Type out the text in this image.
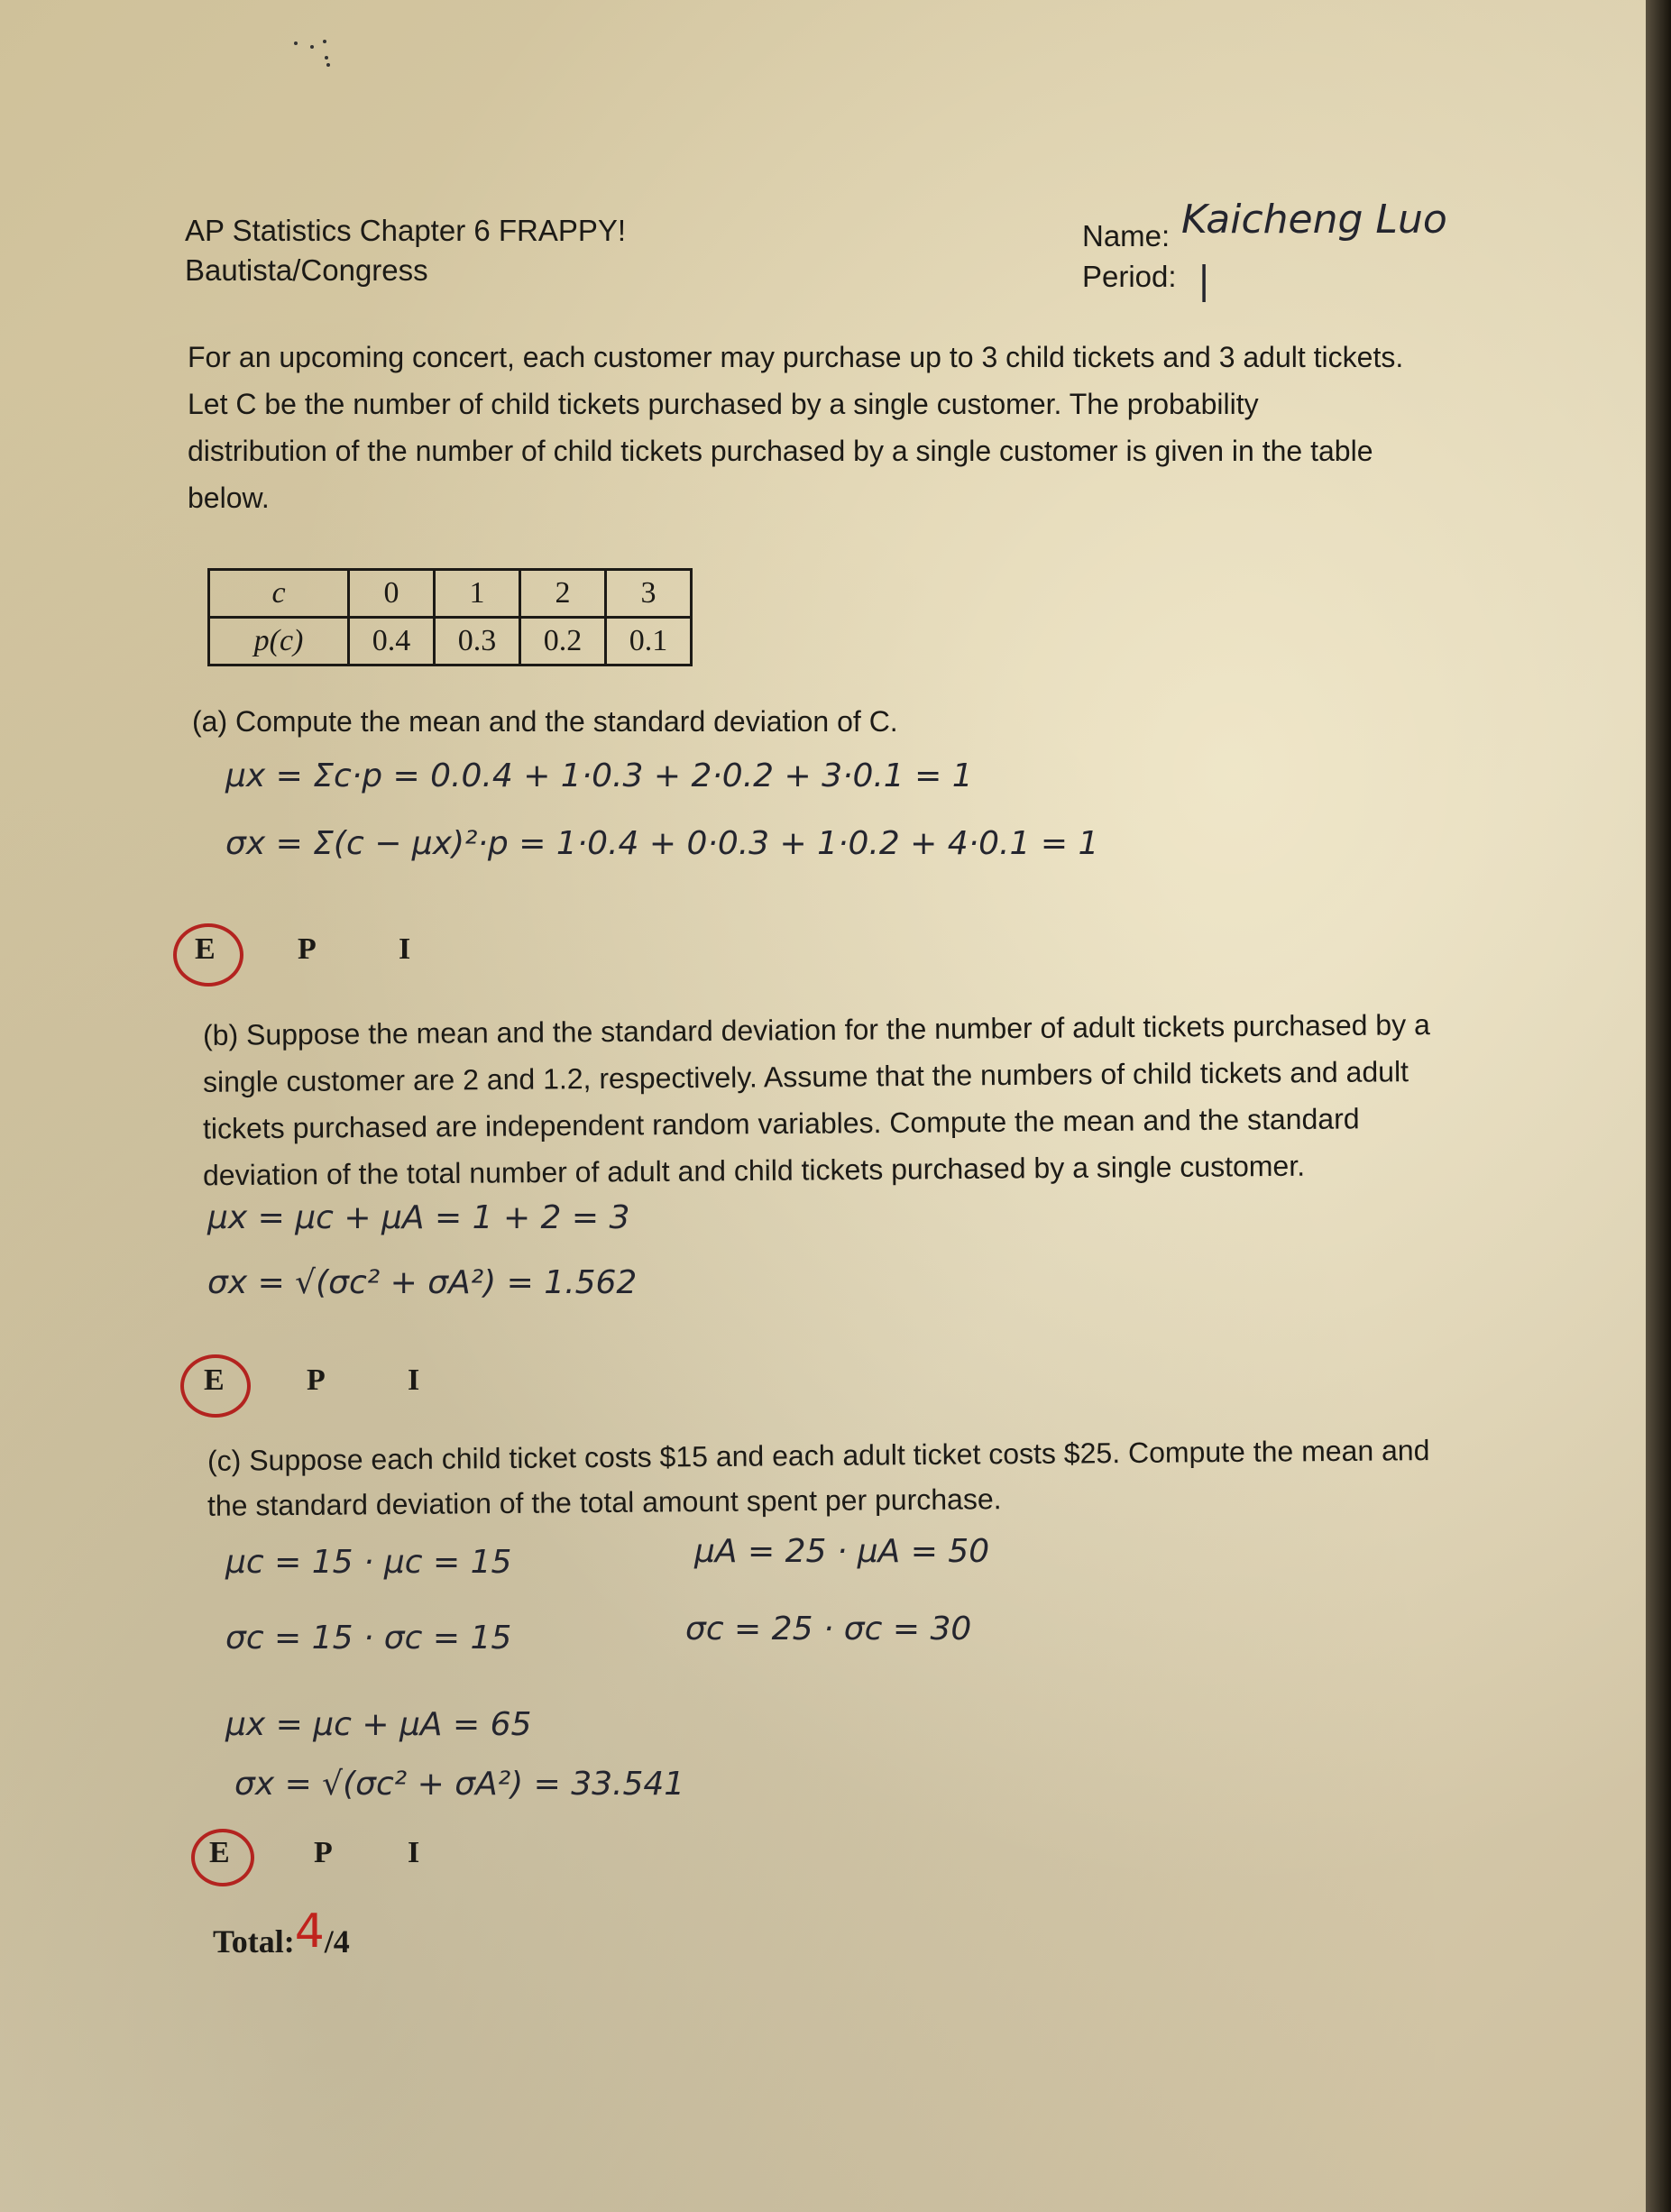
AP Statistics Chapter 6 FRAPPY!
Bautista/Congress
Name: Kaicheng Luo
Period: |
For an upcoming concert, each customer may purchase up to 3 child tickets and 3 adult tickets.
Let C be the number of child tickets purchased by a single customer. The probability
distribution of the number of child tickets purchased by a single customer is given in the table
below.
c	0	1	2	3
p(c)	0.4	0.3	0.2	0.1
(a) Compute the mean and the standard deviation of C.
μx = Σc·p = 0.0.4 + 1·0.3 + 2·0.2 + 3·0.1 = 1
σx = Σ(c − μx)²·p = 1·0.4 + 0·0.3 + 1·0.2 + 4·0.1 = 1
E	P	I
(b) Suppose the mean and the standard deviation for the number of adult tickets purchased by a
single customer are 2 and 1.2, respectively. Assume that the numbers of child tickets and adult
tickets purchased are independent random variables. Compute the mean and the standard
deviation of the total number of adult and child tickets purchased by a single customer.
μx = μc + μA = 1 + 2 = 3
σx = √(σc² + σA²) = 1.562
E	P	I
(c) Suppose each child ticket costs $15 and each adult ticket costs $25. Compute the mean and
the standard deviation of the total amount spent per purchase.
μc = 15 · μc = 15	μA = 25 · μA = 50
σc = 15 · σc = 15	σc = 25 · σc = 30
μx = μc + μA = 65
σx = √(σc² + σA²) = 33.541
E	P I
Total:4/4
